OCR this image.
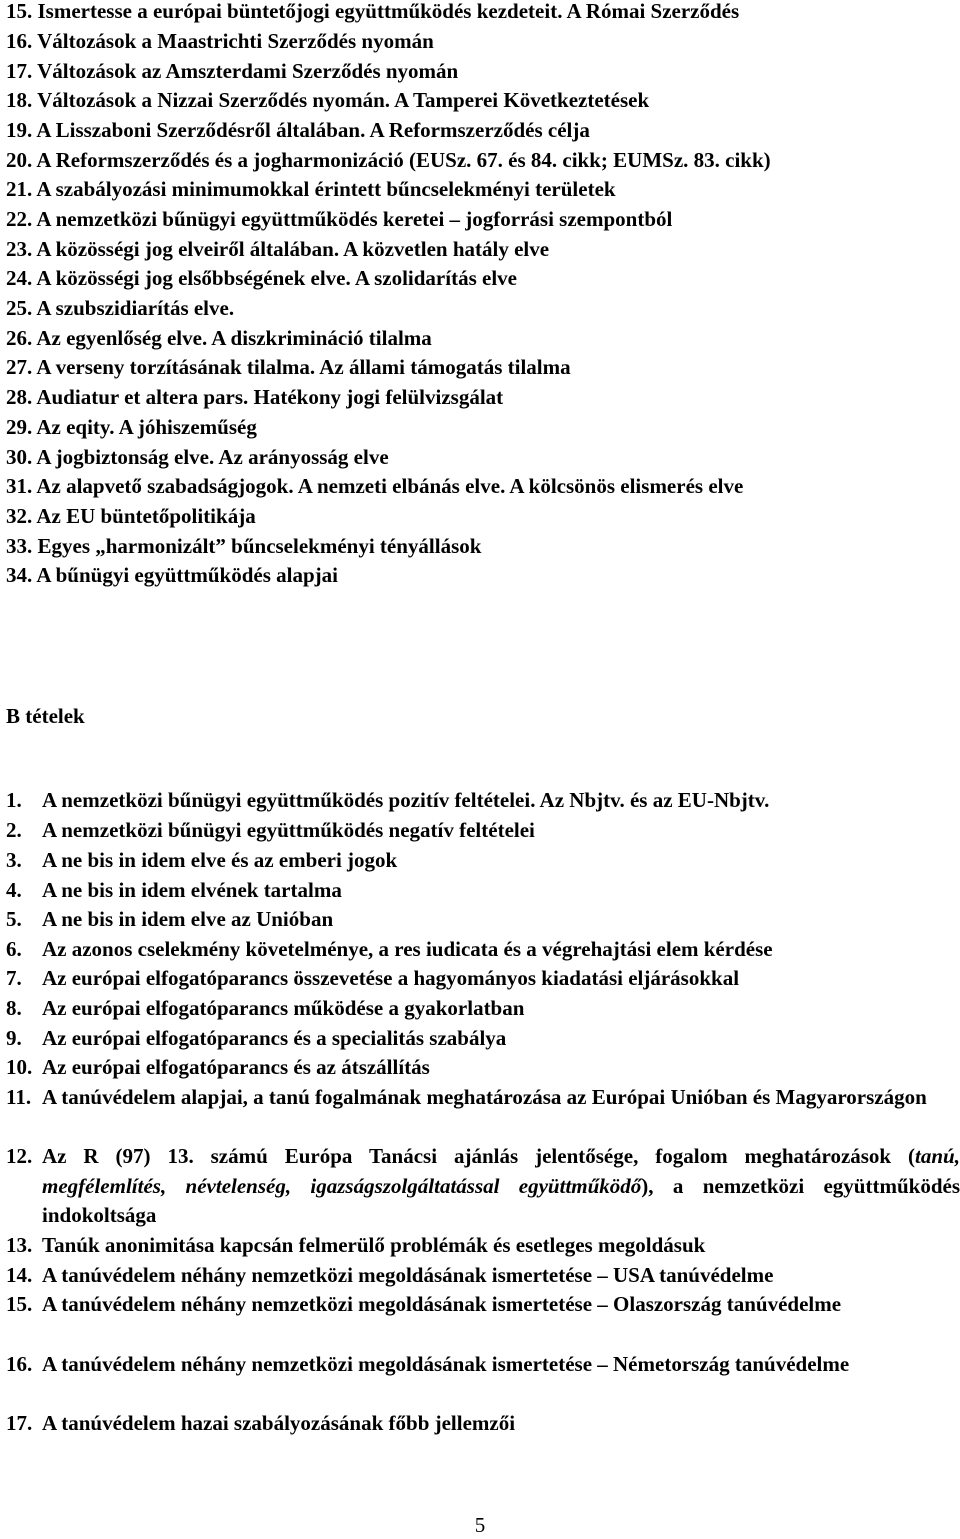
15. Ismertesse a európai büntetőjogi együttműködés kezdeteit. A Római Szerződés
16. Változások a Maastrichti Szerződés nyomán
17. Változások az Amszterdami Szerződés nyomán
18. Változások a Nizzai Szerződés nyomán. A Tamperei Következtetések
19. A Lisszaboni Szerződésről általában. A Reformszerződés célja
20. A Reformszerződés és a jogharmonizáció (EUSz. 67. és 84. cikk; EUMSz. 83. cikk)
21. A szabályozási minimumokkal érintett bűncselekményi területek
22. A nemzetközi bűnügyi együttműködés keretei – jogforrási szempontból
23. A közösségi jog elveiről általában. A közvetlen hatály elve
24. A közösségi jog elsőbbségének elve. A szolidarítás elve
25. A szubszidiarítás elve.
26. Az egyenlőség elve. A diszkrimináció tilalma
27. A verseny torzításának tilalma. Az állami támogatás tilalma
28. Audiatur et altera pars. Hatékony jogi felülvizsgálat
29. Az eqity. A jóhiszeműség
30. A jogbiztonság elve. Az arányosság elve
31. Az alapvető szabadságjogok. A nemzeti elbánás elve. A kölcsönös elismerés elve
32. Az EU büntetőpolitikája
33. Egyes „harmonizált” bűncselekményi tényállások
34. A bűnügyi együttműködés alapjai
B tételek
1. A nemzetközi bűnügyi együttműködés pozitív feltételei. Az Nbjtv. és az EU-Nbjtv.
2. A nemzetközi bűnügyi együttműködés negatív feltételei
3. A ne bis in idem elve és az emberi jogok
4. A ne bis in idem elvének tartalma
5. A ne bis in idem elve az Unióban
6. Az azonos cselekmény követelménye, a res iudicata és a végrehajtási elem kérdése
7. Az európai elfogatóparancs összevetése a hagyományos kiadatási eljárásokkal
8. Az európai elfogatóparancs működése a gyakorlatban
9. Az európai elfogatóparancs és a specialitás szabálya
10. Az európai elfogatóparancs és az átszállítás
11. A tanúvédelem alapjai, a tanú fogalmának meghatározása az Európai Unióban és Magyarországon
12. Az R (97) 13. számú Európa Tanácsi ajánlás jelentősége, fogalom meghatározások (tanú, megfélemlítés, névtelenség, igazságszolgáltatással együttműködő), a nemzetközi együttműködés indokoltsága
13. Tanúk anonimitása kapcsán felmerülő problémák és esetleges megoldásuk
14. A tanúvédelem néhány nemzetközi megoldásának ismertetése – USA tanúvédelme
15. A tanúvédelem néhány nemzetközi megoldásának ismertetése – Olaszország tanúvédelme
16. A tanúvédelem néhány nemzetközi megoldásának ismertetése – Németország tanúvédelme
17. A tanúvédelem hazai szabályozásának főbb jellemzői
5
